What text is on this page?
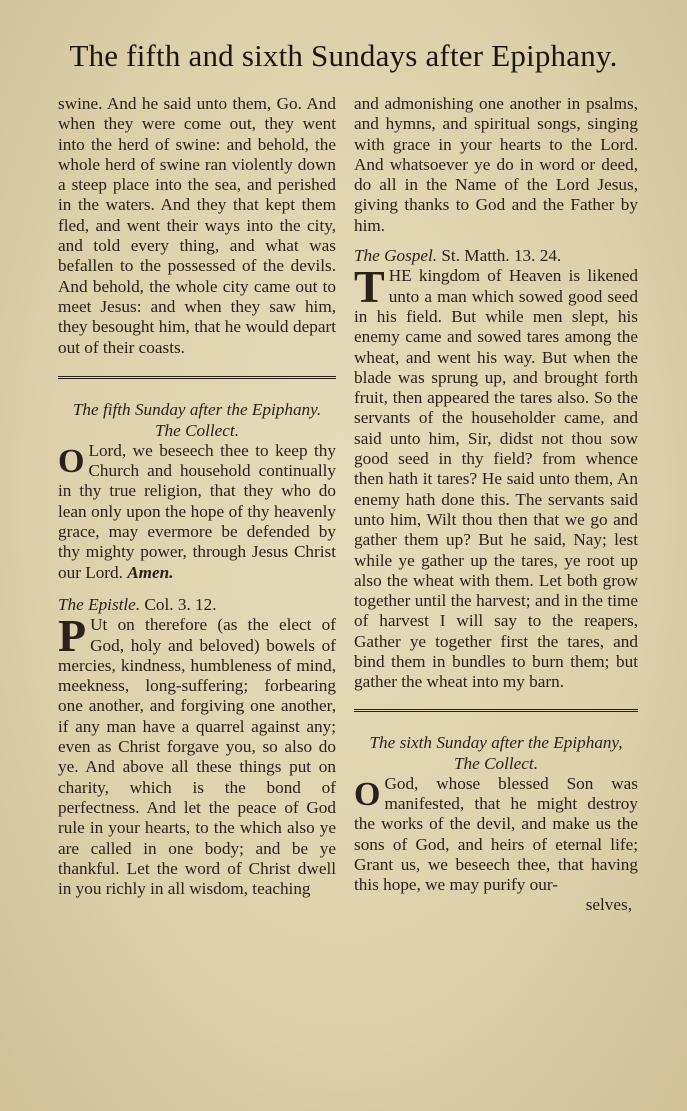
The fifth and sixth Sundays after Epiphany.

swine. And he said unto them, Go. And when they were come out, they went into the herd of swine: and behold, the whole herd of swine ran violently down a steep place into the sea, and perished in the waters. And they that kept them fled, and went their ways into the city, and told every thing, and what was befallen to the possessed of the devils. And behold, the whole city came out to meet Jesus: and when they saw him, they besought him, that he would depart out of their coasts.

The fifth Sunday after the Epiphany.

The Collect.

O Lord, we beseech thee to keep thy Church and household continually in thy true religion, that they who do lean only upon the hope of thy heavenly grace, may evermore be defended by thy mighty power, through Jesus Christ our Lord. Amen.

The Epistle. Col. 3. 12.

P Ut on therefore (as the elect of God, holy and beloved) bowels of mercies, kindness, humbleness of mind, meekness, long-suffering; forbearing one another, and forgiving one another, if any man have a quarrel against any; even as Christ forgave you, so also do ye. And above all these things put on charity, which is the bond of perfectness. And let the peace of God rule in your hearts, to the which also ye are called in one body; and be ye thankful. Let the word of Christ dwell in you richly in all wisdom, teaching

and admonishing one another in psalms, and hymns, and spiritual songs, singing with grace in your hearts to the Lord. And whatsoever ye do in word or deed, do all in the Name of the Lord Jesus, giving thanks to God and the Father by him.

The Gospel. St. Matth. 13. 24.

T HE kingdom of Heaven is likened unto a man which sowed good seed in his field. But while men slept, his enemy came and sowed tares among the wheat, and went his way. But when the blade was sprung up, and brought forth fruit, then appeared the tares also. So the servants of the householder came, and said unto him, Sir, didst not thou sow good seed in thy field? from whence then hath it tares? He said unto them, An enemy hath done this. The servants said unto him, Wilt thou then that we go and gather them up? But he said, Nay; lest while ye gather up the tares, ye root up also the wheat with them. Let both grow together until the harvest; and in the time of harvest I will say to the reapers, Gather ye together first the tares, and bind them in bundles to burn them; but gather the wheat into my barn.

The sixth Sunday after the Epiphany,

The Collect.

O God, whose blessed Son was manifested, that he might destroy the works of the devil, and make us the sons of God, and heirs of eternal life; Grant us, we beseech thee, that having this hope, we may purify our-

selves,
